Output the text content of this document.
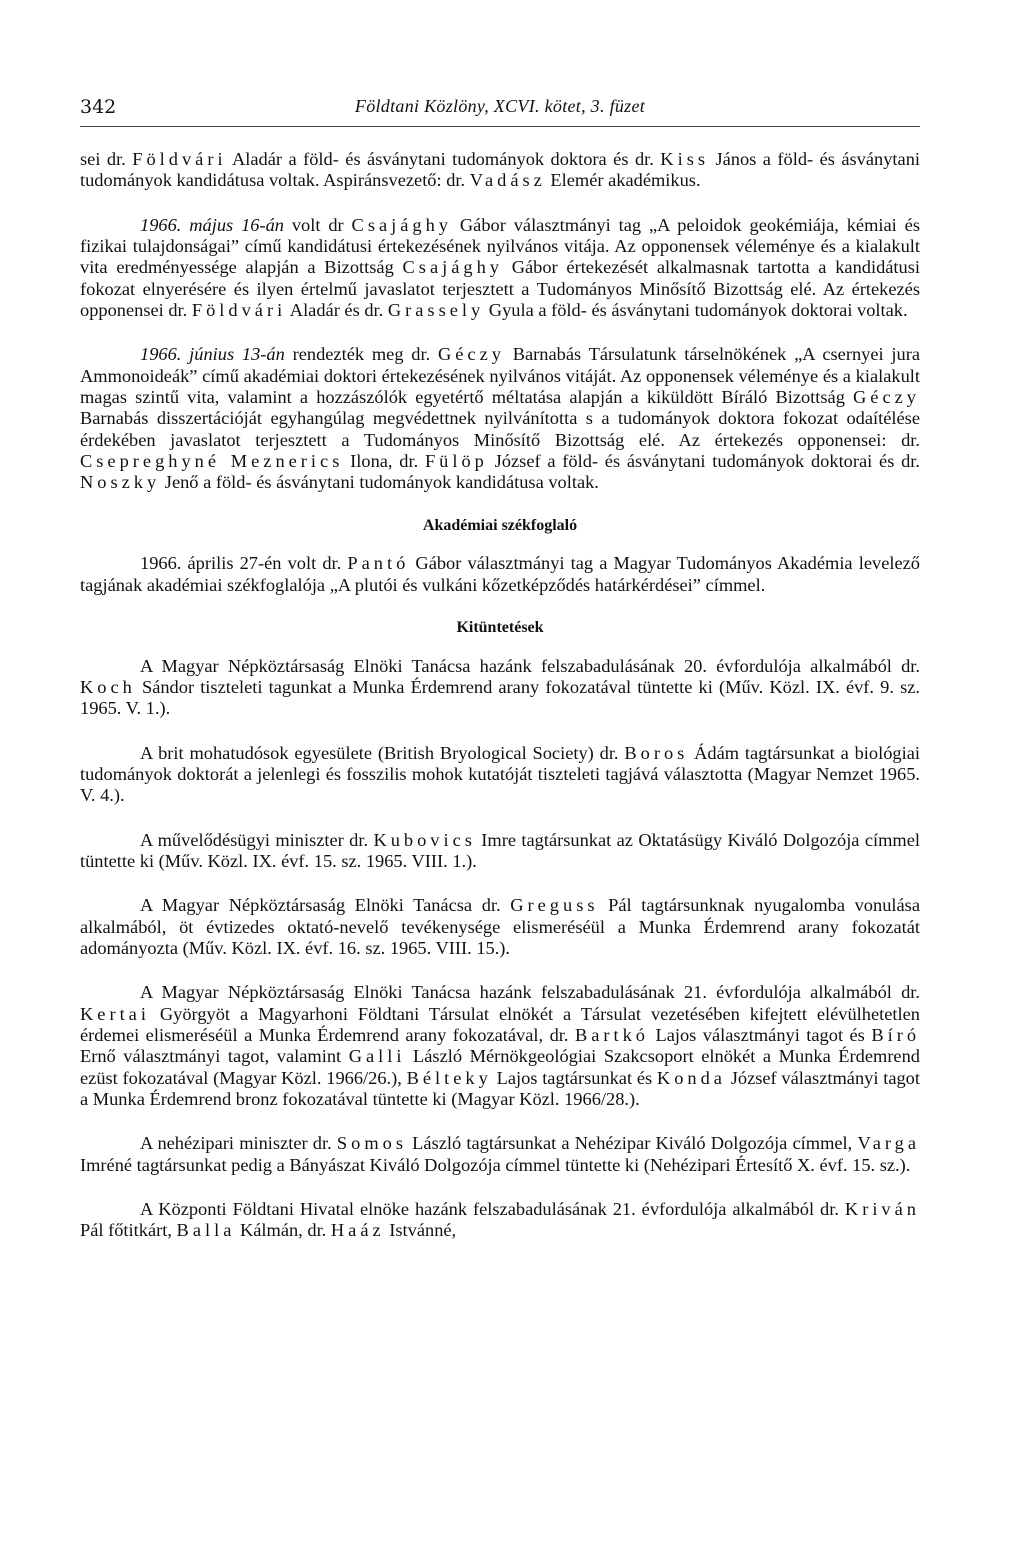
342	Földtani Közlöny, XCVI. kötet, 3. füzet

sei dr. Földvári Aladár a föld- és ásványtani tudományok doktora és dr. Kiss János a föld- és ásványtani tudományok kandidátusa voltak. Aspiránsvezető: dr. Vadász Elemér akadémikus.

1966. május 16-án volt dr Csajághy Gábor választmányi tag „A peloidok geokémiája, kémiai és fizikai tulajdonságai” című kandidátusi értekezésének nyilvános vitája. Az opponensek véleménye és a kialakult vita eredményessége alapján a Bizottság Csajághy Gábor értekezését alkalmasnak tartotta a kandidátusi fokozat elnyerésére és ilyen értelmű javaslatot terjesztett a Tudományos Minősítő Bizottság elé. Az értekezés opponensei dr. Földvári Aladár és dr. Grassely Gyula a föld- és ásványtani tudományok doktorai voltak.

1966. június 13-án rendezték meg dr. Géczy Barnabás Társulatunk társelnökének „A csernyei jura Ammonoideák” című akadémiai doktori értekezésének nyilvános vitáját. Az opponensek véleménye és a kialakult magas szintű vita, valamint a hozzászólók egyetértő méltatása alapján a kiküldött Bíráló Bizottság Géczy Barnabás disszertációját egyhangúlag megvédettnek nyilvánította s a tudományok doktora fokozat odaítélése érdekében javaslatot terjesztett a Tudományos Minősítő Bizottság elé. Az értekezés opponensei: dr. Csepreghyné Meznerics Ilona, dr. Fülöp József a föld- és ásványtani tudományok doktorai és dr. Noszky Jenő a föld- és ásványtani tudományok kandidátusa voltak.

Akadémiai székfoglaló

1966. április 27-én volt dr. Pantó Gábor választmányi tag a Magyar Tudományos Akadémia levelező tagjának akadémiai székfoglalója „A plutói és vulkáni kőzetképződés határkérdései” címmel.

Kitüntetések

A Magyar Népköztársaság Elnöki Tanácsa hazánk felszabadulásának 20. évfordulója alkalmából dr. Koch Sándor tiszteleti tagunkat a Munka Érdemrend arany fokozatával tüntette ki (Műv. Közl. IX. évf. 9. sz. 1965. V. 1.).

A brit mohatudósok egyesülete (British Bryological Society) dr. Boros Ádám tagtársunkat a biológiai tudományok doktorát a jelenlegi és fosszilis mohok kutatóját tiszteleti tagjává választotta (Magyar Nemzet 1965. V. 4.).

A művelődésügyi miniszter dr. Kubovics Imre tagtársunkat az Oktatásügy Kiváló Dolgozója címmel tüntette ki (Műv. Közl. IX. évf. 15. sz. 1965. VIII. 1.).

A Magyar Népköztársaság Elnöki Tanácsa dr. Greguss Pál tagtársunknak nyugalomba vonulása alkalmából, öt évtizedes oktató-nevelő tevékenysége elismeréséül a Munka Érdemrend arany fokozatát adományozta (Műv. Közl. IX. évf. 16. sz. 1965. VIII. 15.).

A Magyar Népköztársaság Elnöki Tanácsa hazánk felszabadulásának 21. évfordulója alkalmából dr. Kertai Györgyöt a Magyarhoni Földtani Társulat elnökét a Társulat vezetésében kifejtett elévülhetetlen érdemei elismeréséül a Munka Érdemrend arany fokozatával, dr. Bartkó Lajos választmányi tagot és Bíró Ernő választmányi tagot, valamint Galli László Mérnökgeológiai Szakcsoport elnökét a Munka Érdemrend ezüst fokozatával (Magyar Közl. 1966/26.), Bélteky Lajos tagtársunkat és Konda József választmányi tagot a Munka Érdemrend bronz fokozatával tüntette ki (Magyar Közl. 1966/28.).

A nehézipari miniszter dr. Somos László tagtársunkat a Nehézipar Kiváló Dolgozója címmel, Varga Imréné tagtársunkat pedig a Bányászat Kiváló Dolgozója címmel tüntette ki (Nehézipari Értesítő X. évf. 15. sz.).

A Központi Földtani Hivatal elnöke hazánk felszabadulásának 21. évfordulója alkalmából dr. Kriván Pál főtitkárt, Balla Kálmán, dr. Haáz Istvánné,
